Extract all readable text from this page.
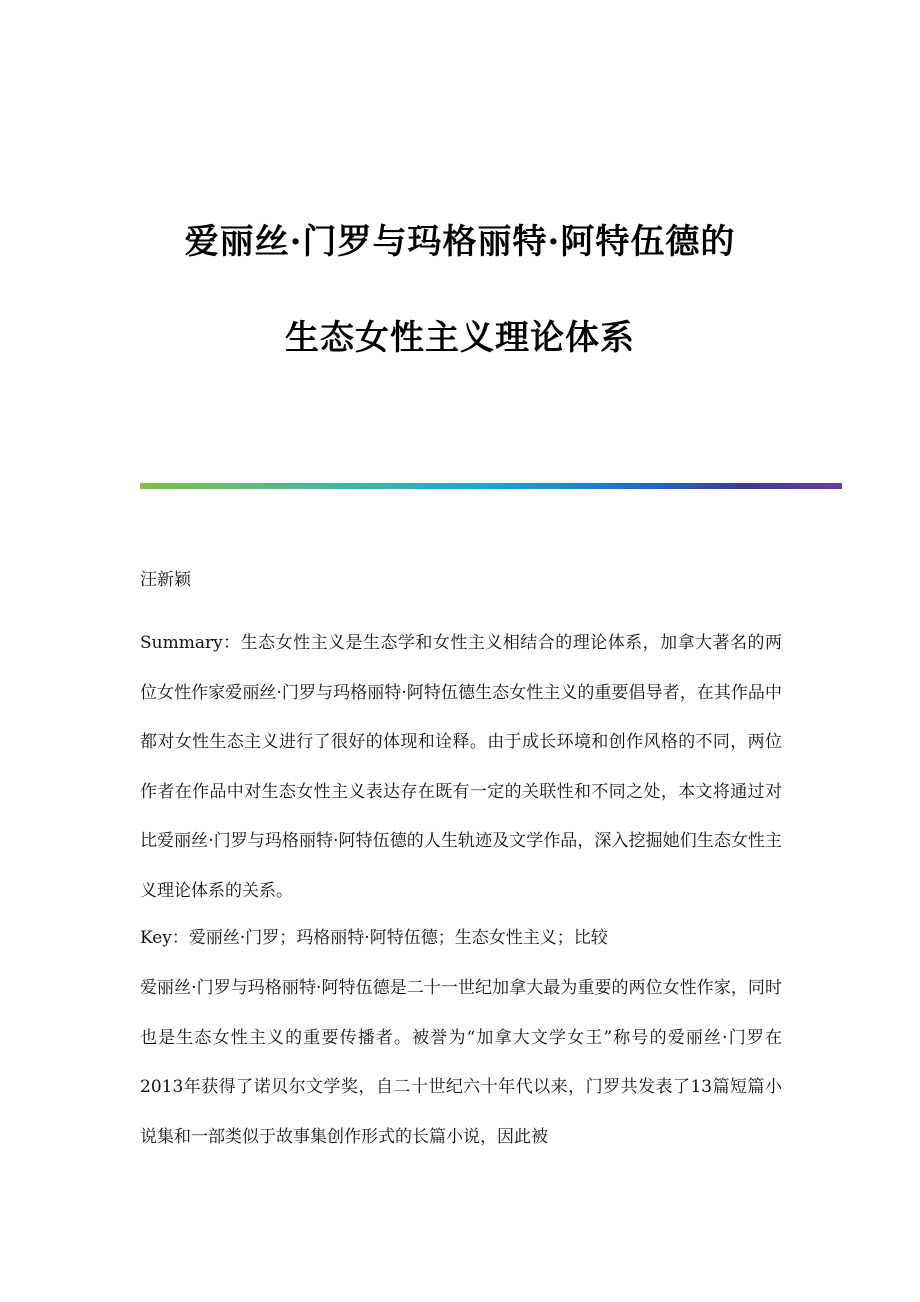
爱丽丝·门罗与玛格丽特·阿特伍德的
生态女性主义理论体系
汪新颖
Summary：生态女性主义是生态学和女性主义相结合的理论体系，加拿大著名的两位女性作家爱丽丝·门罗与玛格丽特·阿特伍德生态女性主义的重要倡导者，在其作品中都对女性生态主义进行了很好的体现和诠释。由于成长环境和创作风格的不同，两位作者在作品中对生态女性主义表达存在既有一定的关联性和不同之处，本文将通过对比爱丽丝·门罗与玛格丽特·阿特伍德的人生轨迹及文学作品，深入挖掘她们生态女性主义理论体系的关系。
Key：爱丽丝·门罗；玛格丽特·阿特伍德；生态女性主义；比较
爱丽丝·门罗与玛格丽特·阿特伍德是二十一世纪加拿大最为重要的两位女性作家，同时也是生态女性主义的重要传播者。被誉为“加拿大文学女王”称号的爱丽丝·门罗在2013年获得了诺贝尔文学奖，自二十世纪六十年代以来，门罗共发表了13篇短篇小说集和一部类似于故事集创作形式的长篇小说，因此被
